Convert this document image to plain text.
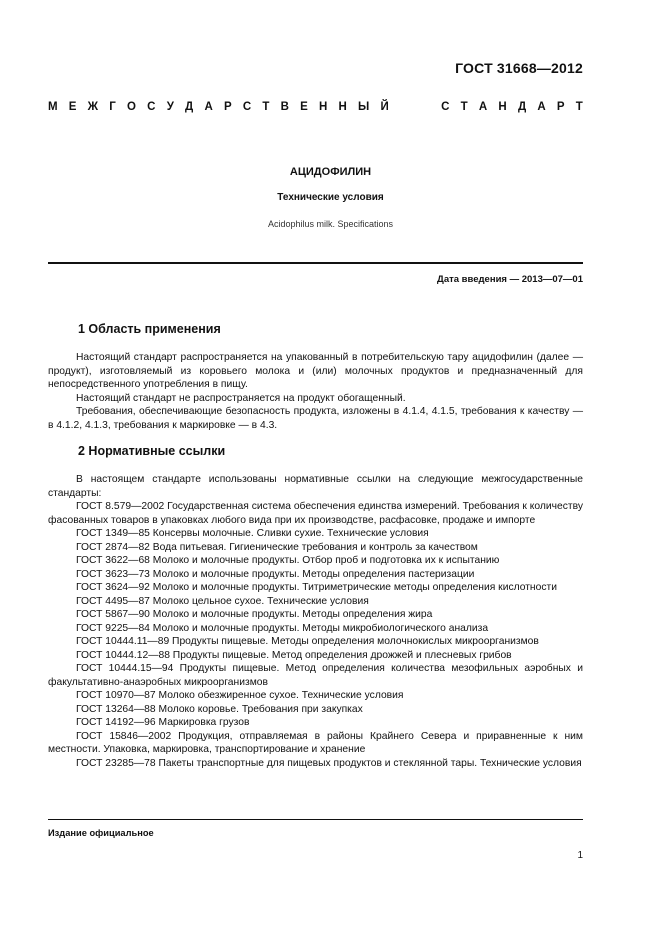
ГОСТ 31668—2012
М Е Ж Г О С У Д А Р С Т В Е Н Н Ы Й	С Т А Н Д А Р Т
АЦИДОФИЛИН
Технические условия
Acidophilus milk. Specifications
Дата введения — 2013—07—01
1 Область применения

Настоящий стандарт распространяется на упакованный в потребительскую тару ацидофилин (далее — продукт), изготовляемый из коровьего молока и (или) молочных продуктов и предназначенный для непосредственного употребления в пищу.

Настоящий стандарт не распространяется на продукт обогащенный.

Требования, обеспечивающие безопасность продукта, изложены в 4.1.4, 4.1.5, требования к качеству — в 4.1.2, 4.1.3, требования к маркировке — в 4.3.

2 Нормативные ссылки

В настоящем стандарте использованы нормативные ссылки на следующие межгосударственные стандарты:

ГОСТ 8.579—2002 Государственная система обеспечения единства измерений. Требования к количеству фасованных товаров в упаковках любого вида при их производстве, расфасовке, продаже и импорте

ГОСТ 1349—85 Консервы молочные. Сливки сухие. Технические условия

ГОСТ 2874—82 Вода питьевая. Гигиенические требования и контроль за качеством

ГОСТ 3622—68 Молоко и молочные продукты. Отбор проб и подготовка их к испытанию

ГОСТ 3623—73 Молоко и молочные продукты. Методы определения пастеризации

ГОСТ 3624—92 Молоко и молочные продукты. Титриметрические методы определения кислотности

ГОСТ 4495—87 Молоко цельное сухое. Технические условия

ГОСТ 5867—90 Молоко и молочные продукты. Методы определения жира

ГОСТ 9225—84 Молоко и молочные продукты. Методы микробиологического анализа

ГОСТ 10444.11—89 Продукты пищевые. Методы определения молочнокислых микроорганизмов

ГОСТ 10444.12—88 Продукты пищевые. Метод определения дрожжей и плесневых грибов

ГОСТ 10444.15—94 Продукты пищевые. Метод определения количества мезофильных аэробных и факультативно-анаэробных микроорганизмов

ГОСТ 10970—87 Молоко обезжиренное сухое. Технические условия

ГОСТ 13264—88 Молоко коровье. Требования при закупках

ГОСТ 14192—96 Маркировка грузов

ГОСТ 15846—2002 Продукция, отправляемая в районы Крайнего Севера и приравненные к ним местности. Упаковка, маркировка, транспортирование и хранение

ГОСТ 23285—78 Пакеты транспортные для пищевых продуктов и стеклянной тары. Технические условия

Издание официальное
1
